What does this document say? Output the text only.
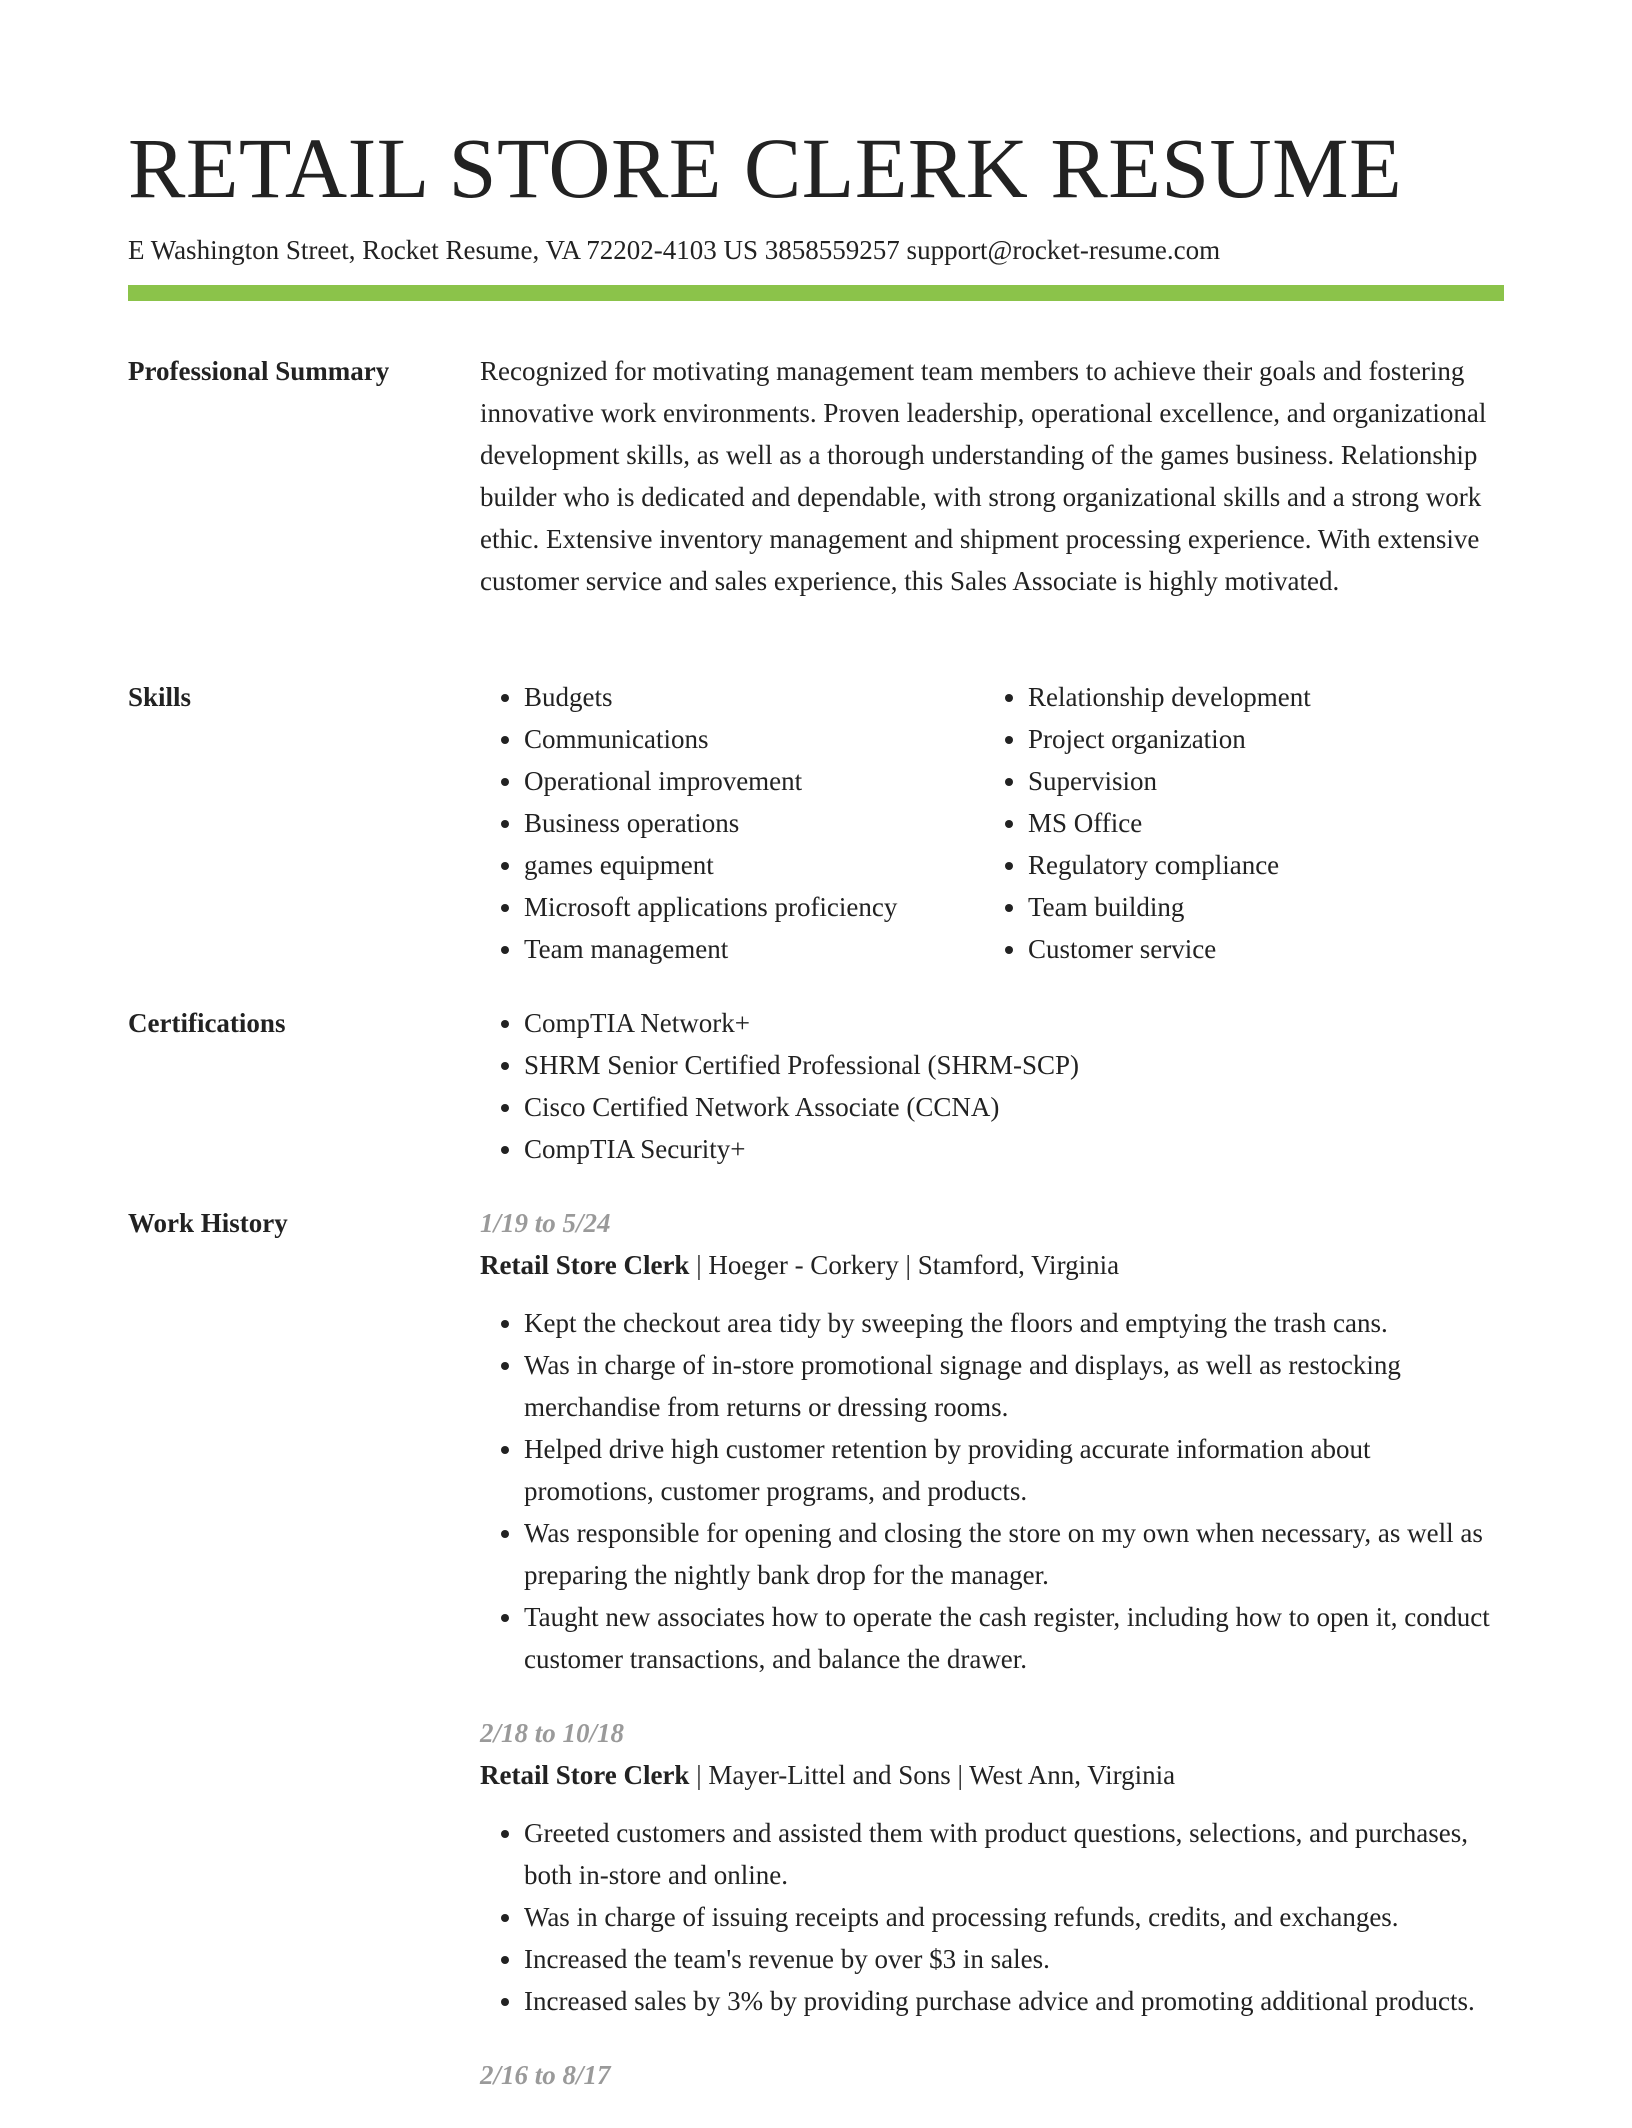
RETAIL STORE CLERK RESUME
E Washington Street, Rocket Resume, VA 72202-4103 US 3858559257 support@rocket-resume.com
Professional Summary	Recognized for motivating management team members to achieve their goals and fostering innovative work environments. Proven leadership, operational excellence, and organizational development skills, as well as a thorough understanding of the games business. Relationship builder who is dedicated and dependable, with strong organizational skills and a strong work ethic. Extensive inventory management and shipment processing experience. With extensive customer service and sales experience, this Sales Associate is highly motivated.

Skills	• Budgets
• Communications
• Operational improvement
• Business operations
• games equipment
• Microsoft applications proficiency
• Team management
• Relationship development
• Project organization
• Supervision
• MS Office
• Regulatory compliance
• Team building
• Customer service
Certifications	• CompTIA Network+
• SHRM Senior Certified Professional (SHRM-SCP)
• Cisco Certified Network Associate (CCNA)
• CompTIA Security+
Work History	1/19 to 5/24
Retail Store Clerk | Hoeger - Corkery | Stamford, Virginia
• Kept the checkout area tidy by sweeping the floors and emptying the trash cans.
• Was in charge of in-store promotional signage and displays, as well as restocking merchandise from returns or dressing rooms.
• Helped drive high customer retention by providing accurate information about promotions, customer programs, and products.
• Was responsible for opening and closing the store on my own when necessary, as well as preparing the nightly bank drop for the manager.
• Taught new associates how to operate the cash register, including how to open it, conduct customer transactions, and balance the drawer.
2/18 to 10/18
Retail Store Clerk | Mayer-Littel and Sons | West Ann, Virginia
• Greeted customers and assisted them with product questions, selections, and purchases, both in-store and online.
• Was in charge of issuing receipts and processing refunds, credits, and exchanges.
• Increased the team's revenue by over $3 in sales.
• Increased sales by 3% by providing purchase advice and promoting additional products.
2/16 to 8/17
